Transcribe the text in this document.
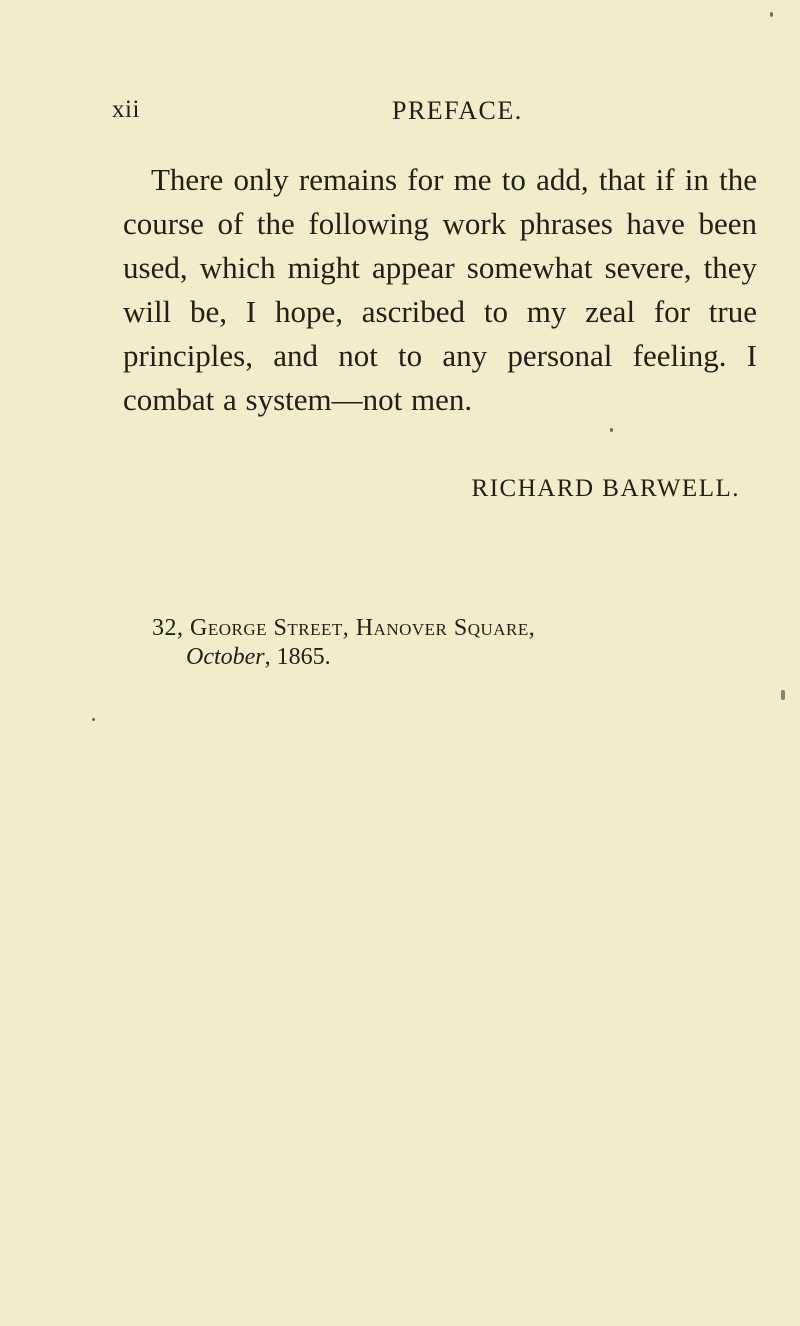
xii	PREFACE.

There only remains for me to add, that if in the course of the following work phrases have been used, which might appear somewhat severe, they will be, I hope, ascribed to my zeal for true principles, and not to any personal feeling. I combat a system—not men.

RICHARD BARWELL.
32, George Street, Hanover Square,
October, 1865.
